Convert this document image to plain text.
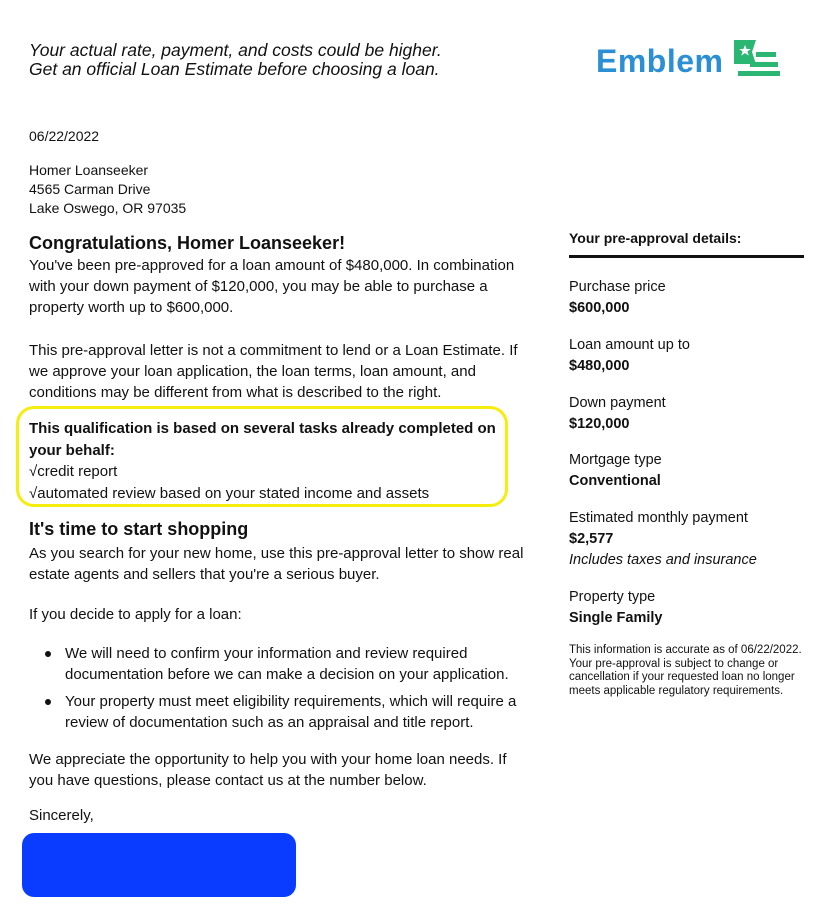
Your actual rate, payment, and costs could be higher.
Get an official Loan Estimate before choosing a loan.	Emblem
06/22/2022
Homer Loanseeker
4565 Carman Drive
Lake Oswego, OR 97035
Congratulations, Homer Loanseeker!
You've been pre-approved for a loan amount of $480,000. In combination with your down payment of $120,000, you may be able to purchase a property worth up to $600,000.
This pre-approval letter is not a commitment to lend or a Loan Estimate. If we approve your loan application, the loan terms, loan amount, and conditions may be different from what is described to the right.
This qualification is based on several tasks already completed on your behalf:
√credit report
√automated review based on your stated income and assets
It's time to start shopping
As you search for your new home, use this pre-approval letter to show real estate agents and sellers that you're a serious buyer.
If you decide to apply for a loan:
We will need to confirm your information and review required documentation before we can make a decision on your application.
Your property must meet eligibility requirements, which will require a review of documentation such as an appraisal and title report.
We appreciate the opportunity to help you with your home loan needs. If you have questions, please contact us at the number below.
Sincerely,
Your pre-approval details:
Purchase price
$600,000
Loan amount up to
$480,000
Down payment
$120,000
Mortgage type
Conventional
Estimated monthly payment
$2,577
Includes taxes and insurance
Property type
Single Family
This information is accurate as of 06/22/2022. Your pre-approval is subject to change or cancellation if your requested loan no longer meets applicable regulatory requirements.
